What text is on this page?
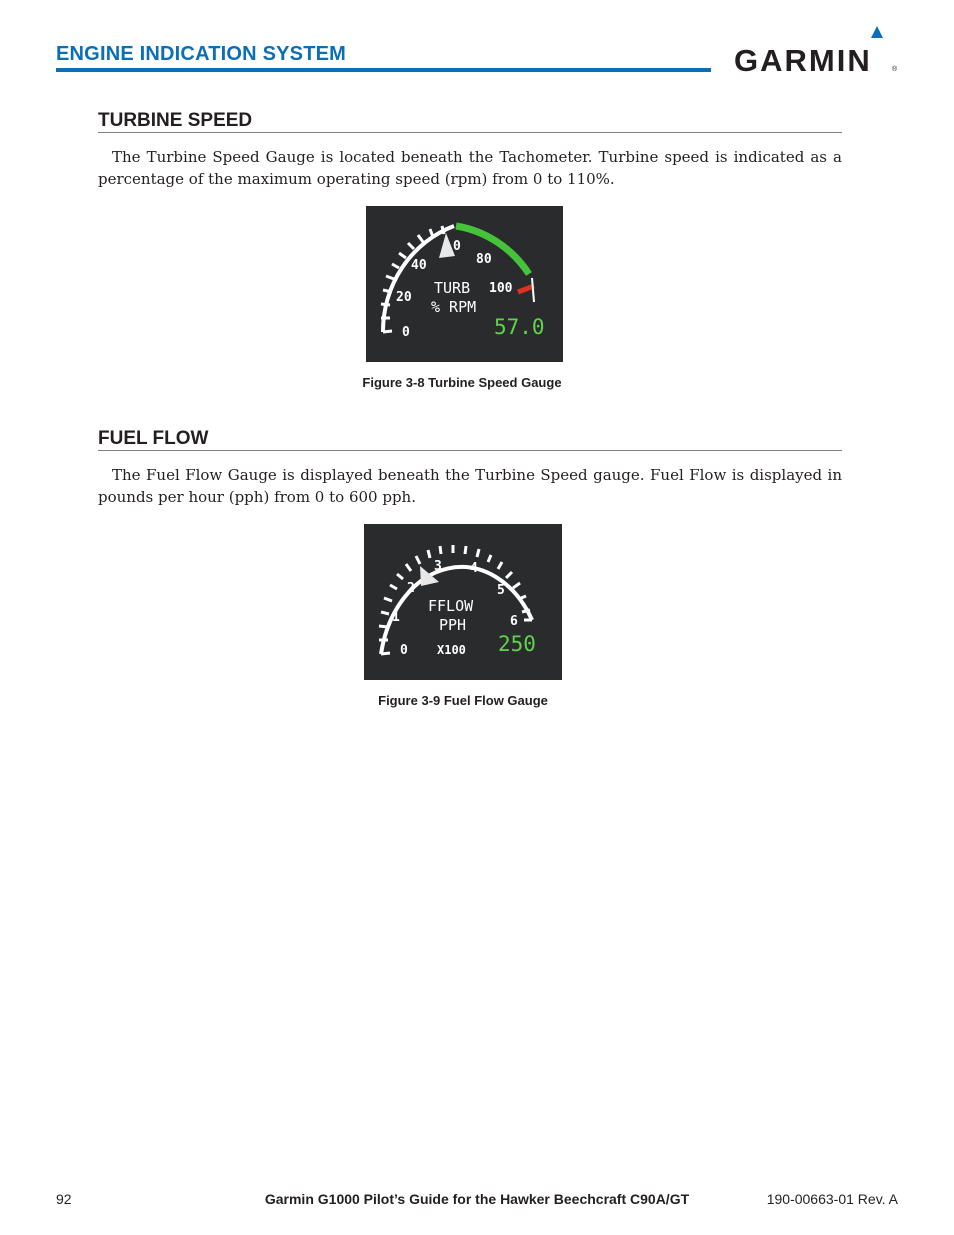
ENGINE INDICATION SYSTEM	GARMIN	®
TURBINE SPEED
The Turbine Speed Gauge is located beneath the Tachometer. Turbine speed is indicated as a percentage of the maximum operating speed (rpm) from 0 to 110%.
0
20
40	80
100
0
TURB
% RPM
57.0
Figure 3-8 Turbine Speed Gauge
FUEL FLOW
The Fuel Flow Gauge is displayed beneath the Turbine Speed gauge. Fuel Flow is displayed in pounds per hour (pph) from 0 to 600 pph.
0
1
2
3 4
5
6
FFLOW
PPH
X100 250
Figure 3-9 Fuel Flow Gauge
92	Garmin G1000 Pilot’s Guide for the Hawker Beechcraft C90A/GT	190-00663-01 Rev. A
